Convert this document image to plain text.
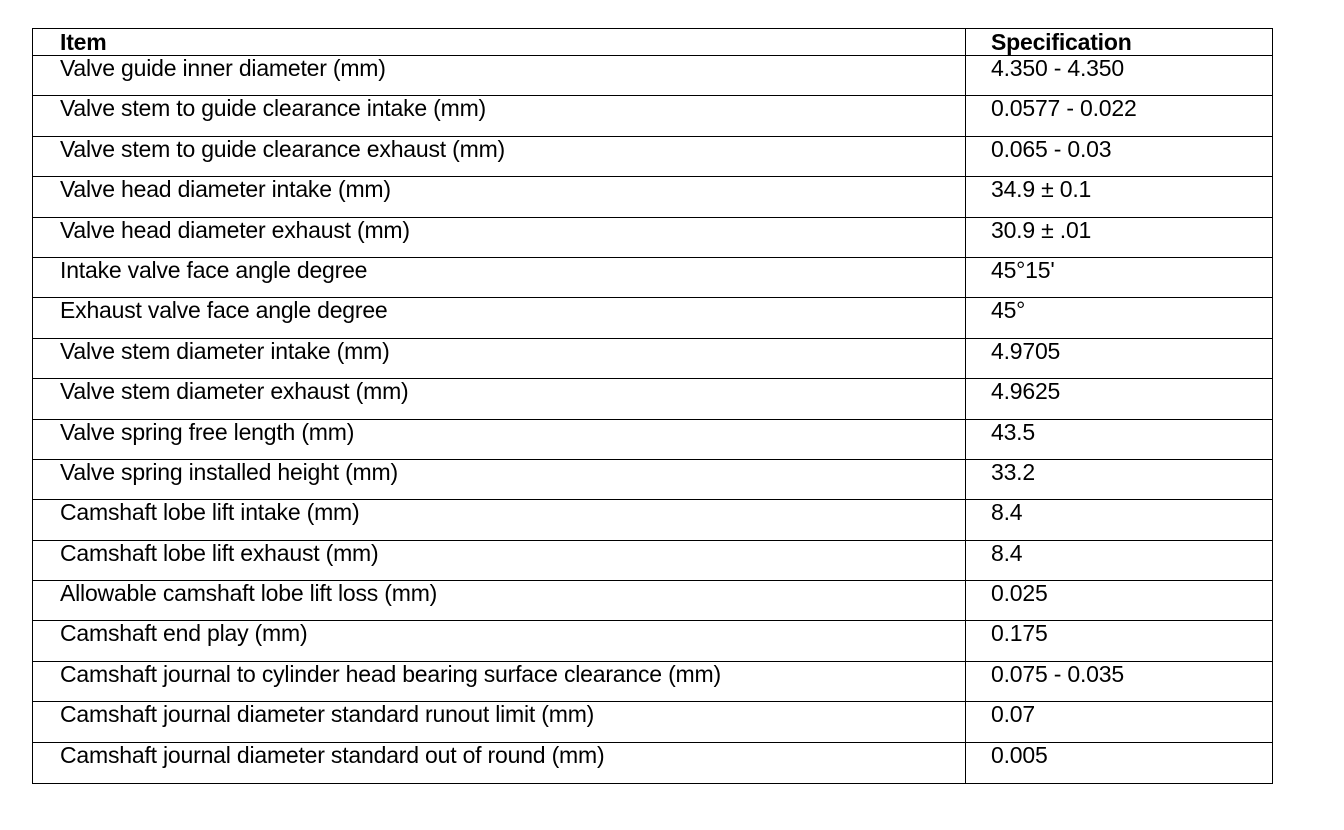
Item	Specification
Valve guide inner diameter (mm)	4.350 - 4.350
Valve stem to guide clearance intake (mm)	0.0577 - 0.022
Valve stem to guide clearance exhaust (mm)	0.065 - 0.03
Valve head diameter intake (mm)	34.9 ± 0.1
Valve head diameter exhaust (mm)	30.9 ± .01
Intake valve face angle degree	45°15'
Exhaust valve face angle degree	45°
Valve stem diameter intake (mm)	4.9705
Valve stem diameter exhaust (mm)	4.9625
Valve spring free length (mm)	43.5
Valve spring installed height (mm)	33.2
Camshaft lobe lift intake (mm)	8.4
Camshaft lobe lift exhaust (mm)	8.4
Allowable camshaft lobe lift loss (mm)	0.025
Camshaft end play (mm)	0.175
Camshaft journal to cylinder head bearing surface clearance (mm)	0.075 - 0.035
Camshaft journal diameter standard runout limit (mm)	0.07
Camshaft journal diameter standard out of round (mm)	0.005
